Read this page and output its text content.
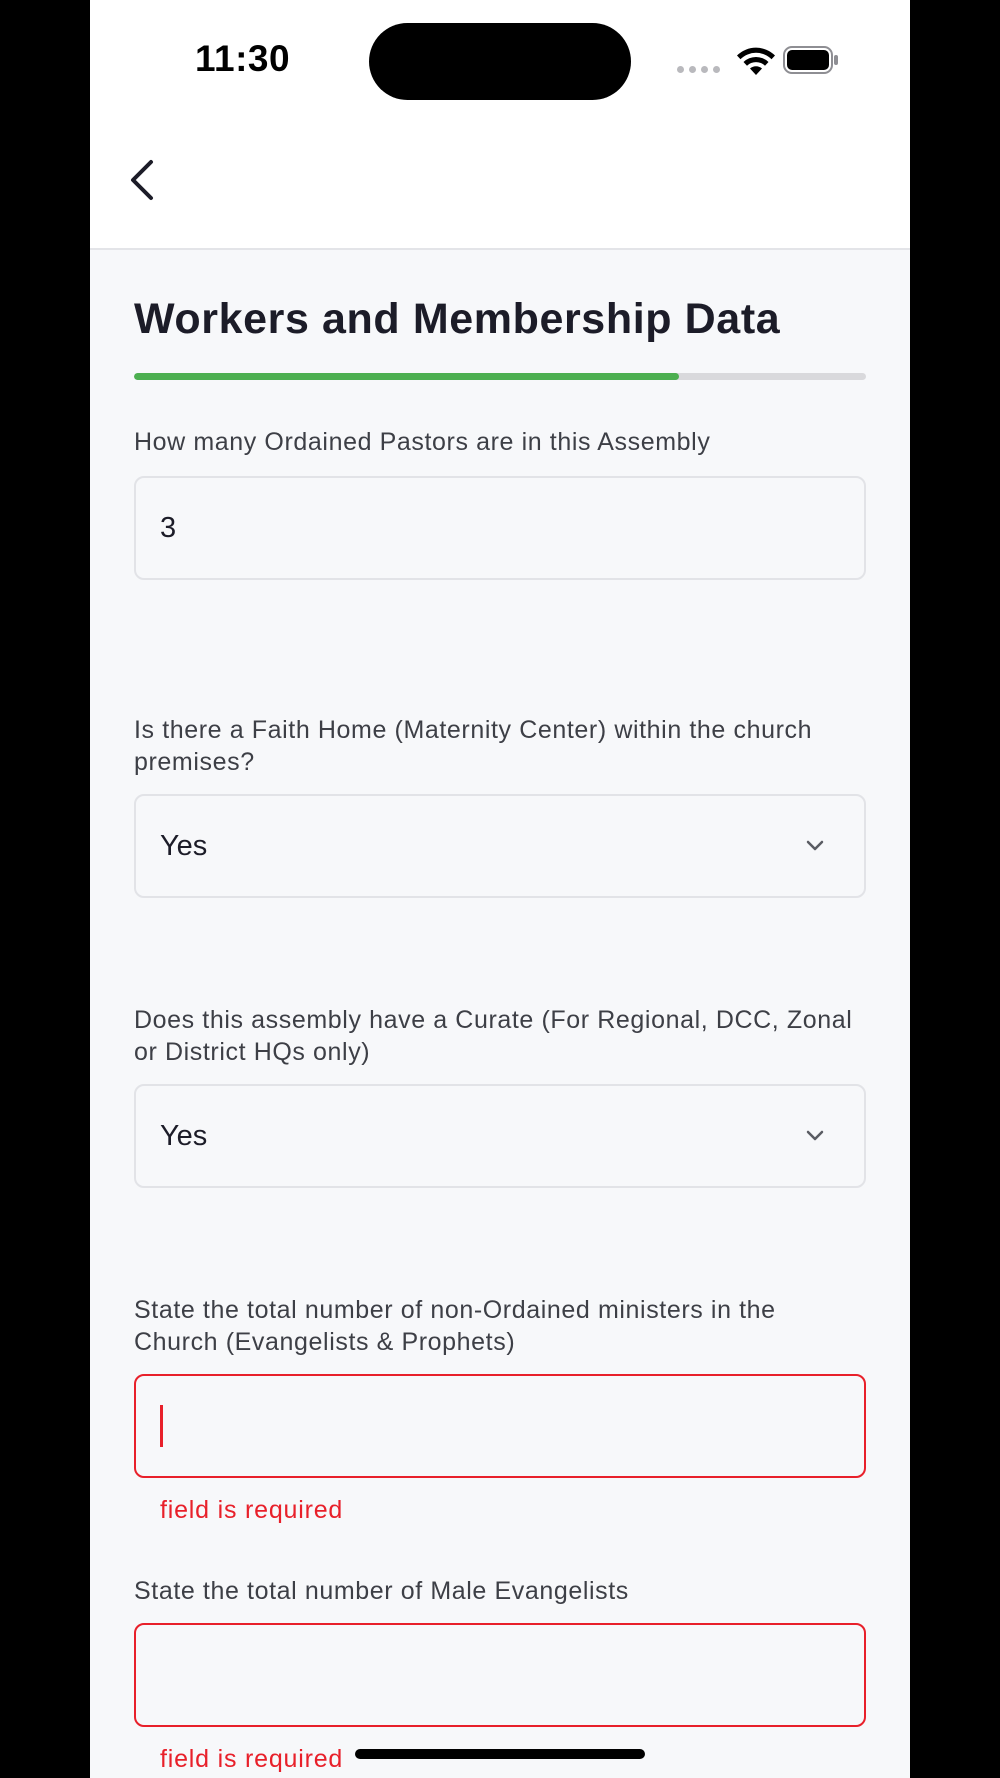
11:30
Workers and Membership Data
How many Ordained Pastors are in this Assembly
3
Is there a Faith Home (Maternity Center) within the church premises?
Yes
Does this assembly have a Curate (For Regional, DCC, Zonal or District HQs only)
Yes
State the total number of non-Ordained ministers in the Church (Evangelists & Prophets)
field is required
State the total number of Male Evangelists
field is required
